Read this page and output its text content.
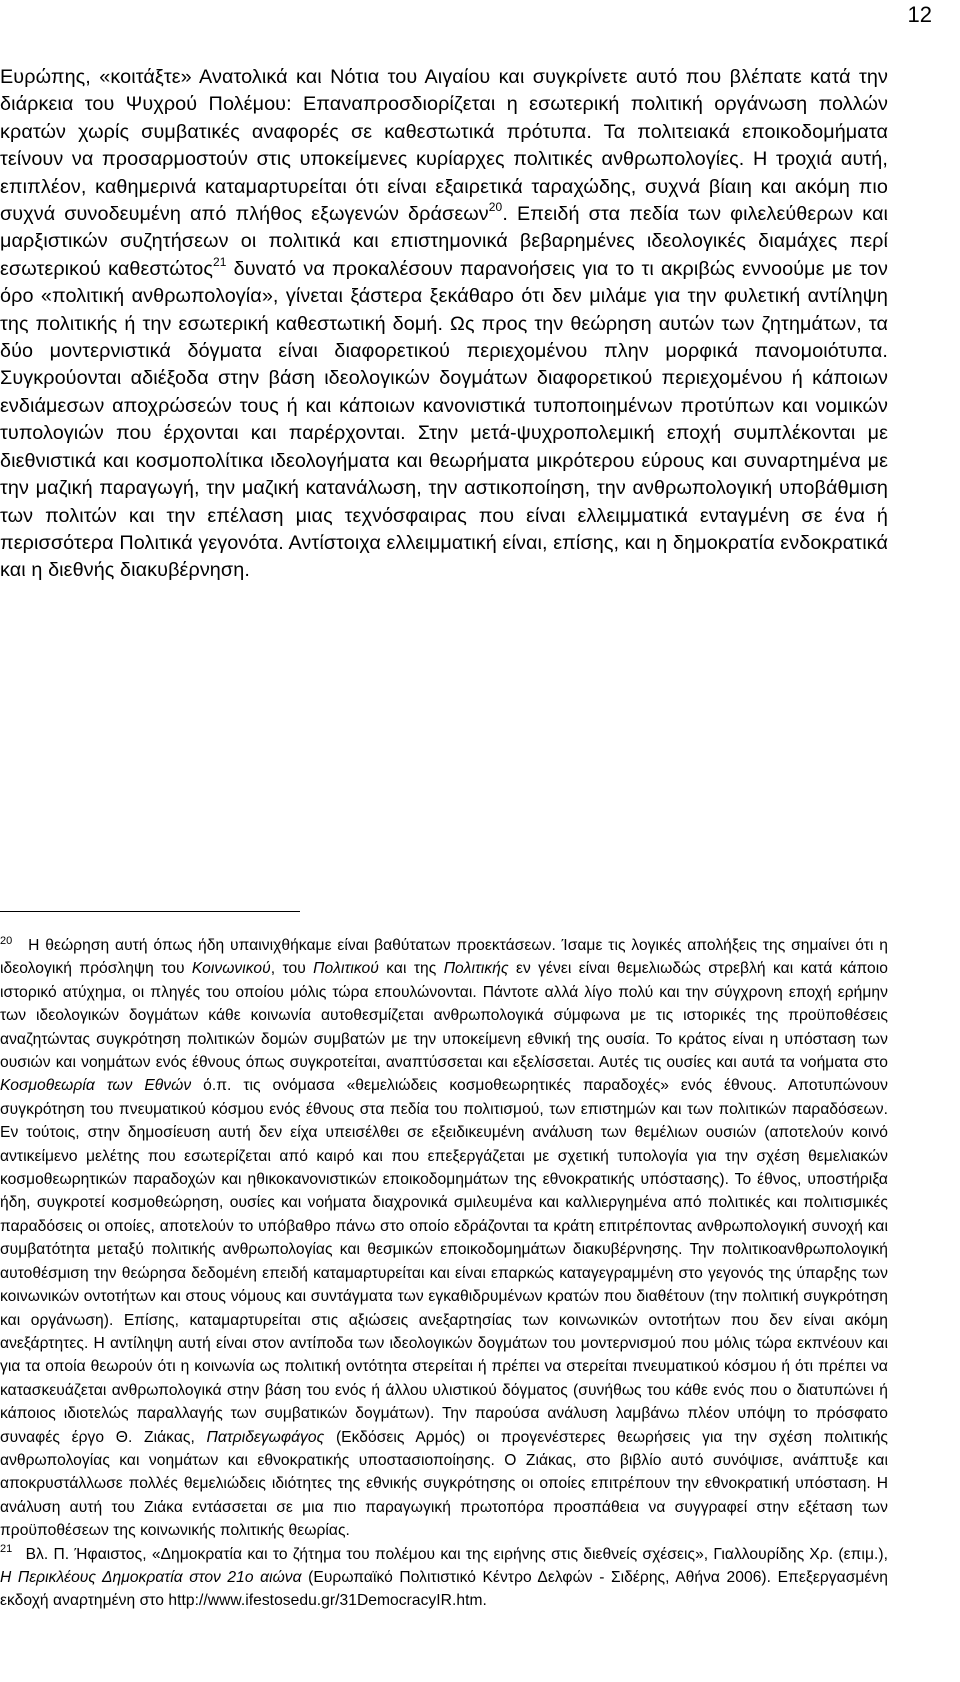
12

Ευρώπης, «κοιτάξτε» Ανατολικά και Νότια του Αιγαίου και συγκρίνετε αυτό που βλέπατε κατά την διάρκεια του Ψυχρού Πολέμου: Επαναπροσδιορίζεται η εσωτερική πολιτική οργάνωση πολλών κρατών χωρίς συμβατικές αναφορές σε καθεστωτικά πρότυπα. Τα πολιτειακά εποικοδομήματα τείνουν να προσαρμοστούν στις υποκείμενες κυρίαρχες πολιτικές ανθρωπολογίες. Η τροχιά αυτή, επιπλέον, καθημερινά καταμαρτυρείται ότι είναι εξαιρετικά ταραχώδης, συχνά βίαιη και ακόμη πιο συχνά συνοδευμένη από πλήθος εξωγενών δράσεων$^{20}$. Επειδή στα πεδία των φιλελεύθερων και μαρξιστικών συζητήσεων οι πολιτικά και επιστημονικά βεβαρημένες ιδεολογικές διαμάχες περί εσωτερικού καθεστώτος$^{21}$ δυνατό να προκαλέσουν παρανοήσεις για το τι ακριβώς εννοούμε με τον όρο «πολιτική ανθρωπολογία», γίνεται ξάστερα ξεκάθαρο ότι δεν μιλάμε για την φυλετική αντίληψη της πολιτικής ή την εσωτερική καθεστωτική δομή. Ως προς την θεώρηση αυτών των ζητημάτων, τα δύο μοντερνιστικά δόγματα είναι διαφορετικού περιεχομένου πλην μορφικά πανομοιότυπα. Συγκρούονται αδιέξοδα στην βάση ιδεολογικών δογμάτων διαφορετικού περιεχομένου ή κάποιων ενδιάμεσων αποχρώσεών τους ή και κάποιων κανονιστικά τυποποιημένων προτύπων και νομικών τυπολογιών που έρχονται και παρέρχονται. Στην μετά-ψυχροπολεμική εποχή συμπλέκονται με διεθνιστικά και κοσμοπολίτικα ιδεολογήματα και θεωρήματα μικρότερου εύρους και συναρτημένα με την μαζική παραγωγή, την μαζική κατανάλωση, την αστικοποίηση, την ανθρωπολογική υποβάθμιση των πολιτών και την επέλαση μιας τεχνόσφαιρας που είναι ελλειμματικά ενταγμένη σε ένα ή περισσότερα Πολιτικά γεγονότα. Αντίστοιχα ελλειμματική είναι, επίσης, και η δημοκρατία ενδοκρατικά και η διεθνής διακυβέρνηση.

$^{20}$ Η θεώρηση αυτή όπως ήδη υπαινιχθήκαμε είναι βαθύτατων προεκτάσεων. Ίσαμε τις λογικές απολήξεις της σημαίνει ότι η ιδεολογική πρόσληψη του Κοινωνικού, του Πολιτικού και της Πολιτικής εν γένει είναι θεμελιωδώς στρεβλή και κατά κάποιο ιστορικό ατύχημα, οι πληγές του οποίου μόλις τώρα επουλώνονται. Πάντοτε αλλά λίγο πολύ και την σύγχρονη εποχή ερήμην των ιδεολογικών δογμάτων κάθε κοινωνία αυτοθεσμίζεται ανθρωπολογικά σύμφωνα με τις ιστορικές της προϋποθέσεις αναζητώντας συγκρότηση πολιτικών δομών συμβατών με την υποκείμενη εθνική της ουσία. Το κράτος είναι η υπόσταση των ουσιών και νοημάτων ενός έθνους όπως συγκροτείται, αναπτύσσεται και εξελίσσεται. Αυτές τις ουσίες και αυτά τα νοήματα στο Κοσμοθεωρία των Εθνών ό.π. τις ονόμασα «θεμελιώδεις κοσμοθεωρητικές παραδοχές» ενός έθνους. Αποτυπώνουν συγκρότηση του πνευματικού κόσμου ενός έθνους στα πεδία του πολιτισμού, των επιστημών και των πολιτικών παραδόσεων. Εν τούτοις, στην δημοσίευση αυτή δεν είχα υπεισέλθει σε εξειδικευμένη ανάλυση των θεμέλιων ουσιών (αποτελούν κοινό αντικείμενο μελέτης που εσωτερίζεται από καιρό και που επεξεργάζεται με σχετική τυπολογία για την σχέση θεμελιακών κοσμοθεωρητικών παραδοχών και ηθικοκανονιστικών εποικοδομημάτων της εθνοκρατικής υπόστασης). Το έθνος, υποστήριξα ήδη, συγκροτεί κοσμοθεώρηση, ουσίες και νοήματα διαχρονικά σμιλευμένα και καλλιεργημένα από πολιτικές και πολιτισμικές παραδόσεις οι οποίες, αποτελούν το υπόβαθρο πάνω στο οποίο εδράζονται τα κράτη επιτρέποντας ανθρωπολογική συνοχή και συμβατότητα μεταξύ πολιτικής ανθρωπολογίας και θεσμικών εποικοδομημάτων διακυβέρνησης. Την πολιτικοανθρωπολογική αυτοθέσμιση την θεώρησα δεδομένη επειδή καταμαρτυρείται και είναι επαρκώς καταγεγραμμένη στο γεγονός της ύπαρξης των κοινωνικών οντοτήτων και στους νόμους και συντάγματα των εγκαθιδρυμένων κρατών που διαθέτουν (την πολιτική συγκρότηση και οργάνωση). Επίσης, καταμαρτυρείται στις αξιώσεις ανεξαρτησίας των κοινωνικών οντοτήτων που δεν είναι ακόμη ανεξάρτητες. Η αντίληψη αυτή είναι στον αντίποδα των ιδεολογικών δογμάτων του μοντερνισμού που μόλις τώρα εκπνέουν και για τα οποία θεωρούν ότι η κοινωνία ως πολιτική οντότητα στερείται ή πρέπει να στερείται πνευματικού κόσμου ή ότι πρέπει να κατασκευάζεται ανθρωπολογικά στην βάση του ενός ή άλλου υλιστικού δόγματος (συνήθως του κάθε ενός που ο διατυπώνει ή κάποιος ιδιοτελώς παραλλαγής των συμβατικών δογμάτων). Την παρούσα ανάλυση λαμβάνω πλέον υπόψη το πρόσφατο συναφές έργο Θ. Ζιάκας, Πατριδεγωφάγος (Εκδόσεις Αρμός) οι προγενέστερες θεωρήσεις για την σχέση πολιτικής ανθρωπολογίας και νοημάτων και εθνοκρατικής υποστασιοποίησης. Ο Ζιάκας, στο βιβλίο αυτό συνόψισε, ανάπτυξε και αποκρυστάλλωσε πολλές θεμελιώδεις ιδιότητες της εθνικής συγκρότησης οι οποίες επιτρέπουν την εθνοκρατική υπόσταση. Η ανάλυση αυτή του Ζιάκα εντάσσεται σε μια πιο παραγωγική πρωτοπόρα προσπάθεια να συγγραφεί στην εξέταση των προϋποθέσεων της κοινωνικής πολιτικής θεωρίας.

$^{21}$ Βλ. Π. Ήφαιστος, «Δημοκρατία και το ζήτημα του πολέμου και της ειρήνης στις διεθνείς σχέσεις», Γιαλλουρίδης Χρ. (επιμ.), Η Περικλέους Δημοκρατία στον 21ο αιώνα (Ευρωπαϊκό Πολιτιστικό Κέντρο Δελφών - Σιδέρης, Αθήνα 2006). Επεξεργασμένη εκδοχή αναρτημένη στο http://www.ifestosedu.gr/31DemocracyIR.htm.
